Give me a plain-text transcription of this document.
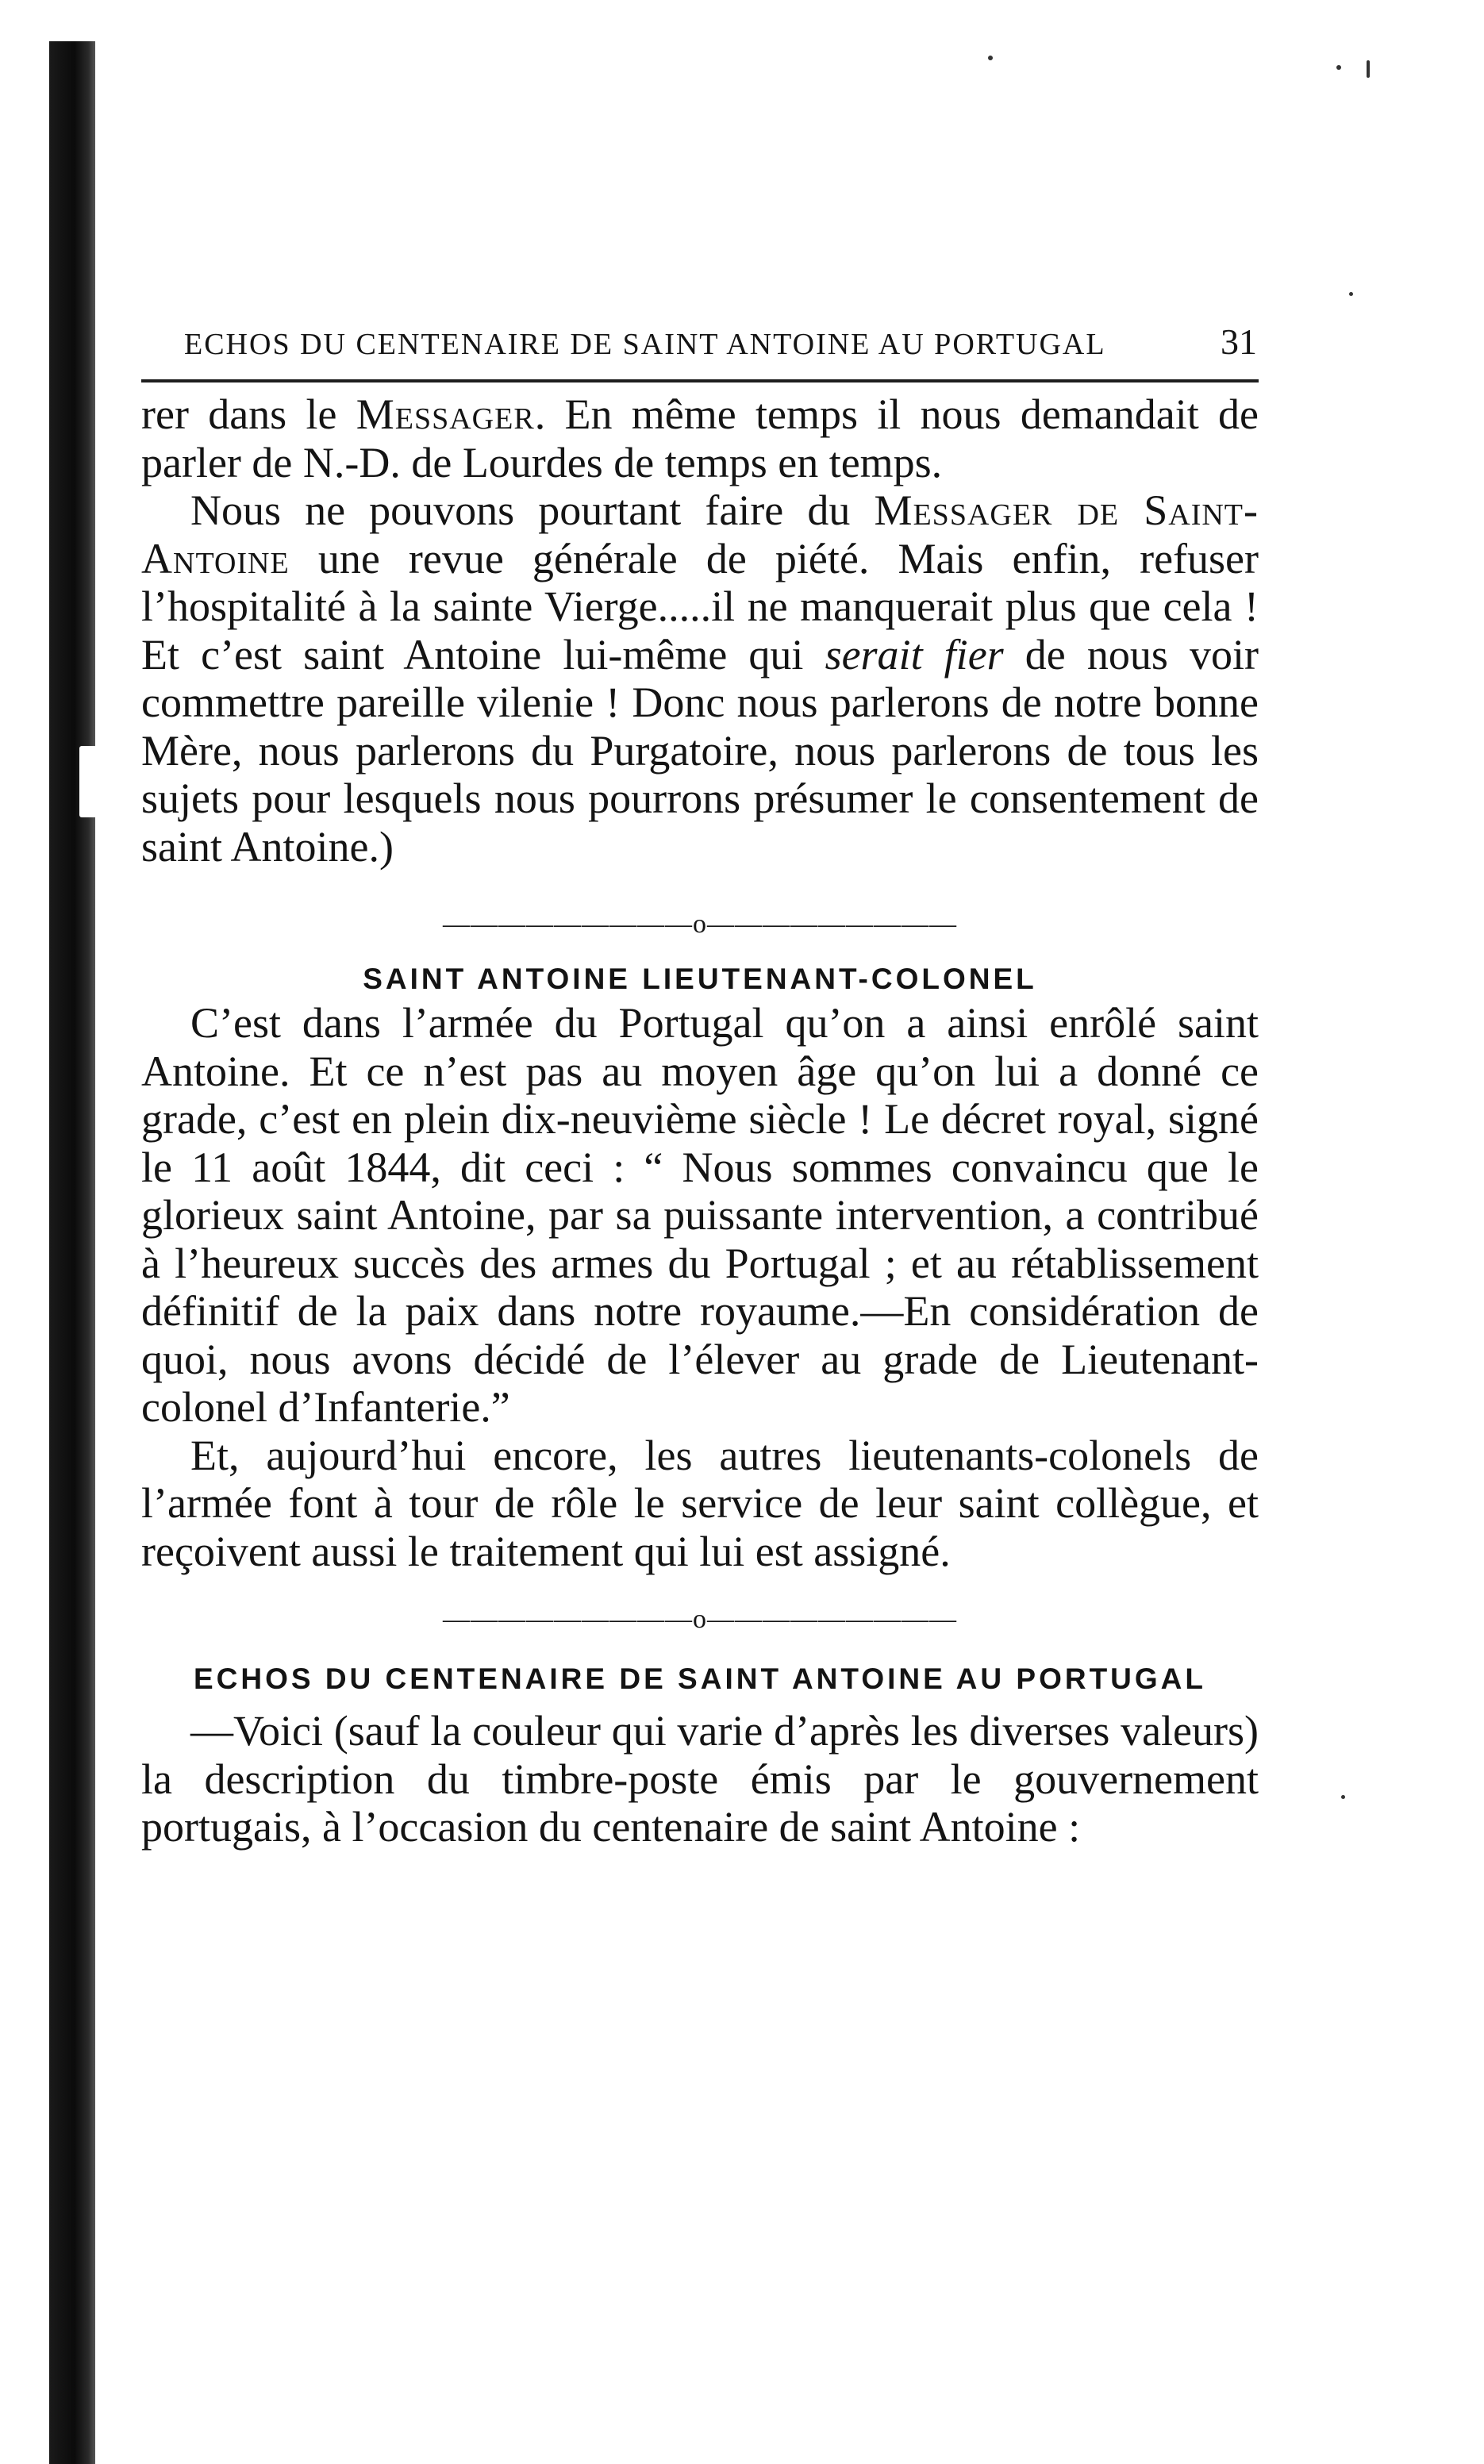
ECHOS DU CENTENAIRE DE SAINT ANTOINE AU PORTUGAL	31

rer dans le Messager. En même temps il nous demandait de parler de N.-D. de Lourdes de temps en temps.

Nous ne pouvons pourtant faire du Messager de Saint-Antoine une revue générale de piété. Mais enfin, refuser l’hospitalité à la sainte Vierge.....il ne manquerait plus que cela ! Et c’est saint Antoine lui-même qui serait fier de nous voir commettre pareille vilenie ! Donc nous parlerons de notre bonne Mère, nous parlerons du Purgatoire, nous parlerons de tous les sujets pour lesquels nous pourrons présumer le consentement de saint Antoine.)

—————————o—————————
SAINT ANTOINE LIEUTENANT-COLONEL

C’est dans l’armée du Portugal qu’on a ainsi enrôlé saint Antoine. Et ce n’est pas au moyen âge qu’on lui a donné ce grade, c’est en plein dix-neuvième siècle ! Le décret royal, signé le 11 août 1844, dit ceci : “ Nous sommes convaincu que le glorieux saint Antoine, par sa puissante intervention, a contribué à l’heureux succès des armes du Portugal ; et au rétablissement définitif de la paix dans notre royaume.—En considération de quoi, nous avons décidé de l’élever au grade de Lieutenant-colonel d’Infanterie.”

Et, aujourd’hui encore, les autres lieutenants-colonels de l’armée font à tour de rôle le service de leur saint collègue, et reçoivent aussi le traitement qui lui est assigné.

—————————o—————————
ECHOS DU CENTENAIRE DE SAINT ANTOINE AU PORTUGAL

—Voici (sauf la couleur qui varie d’après les diverses valeurs) la description du timbre-poste émis par le gouvernement portugais, à l’occasion du centenaire de saint Antoine :
